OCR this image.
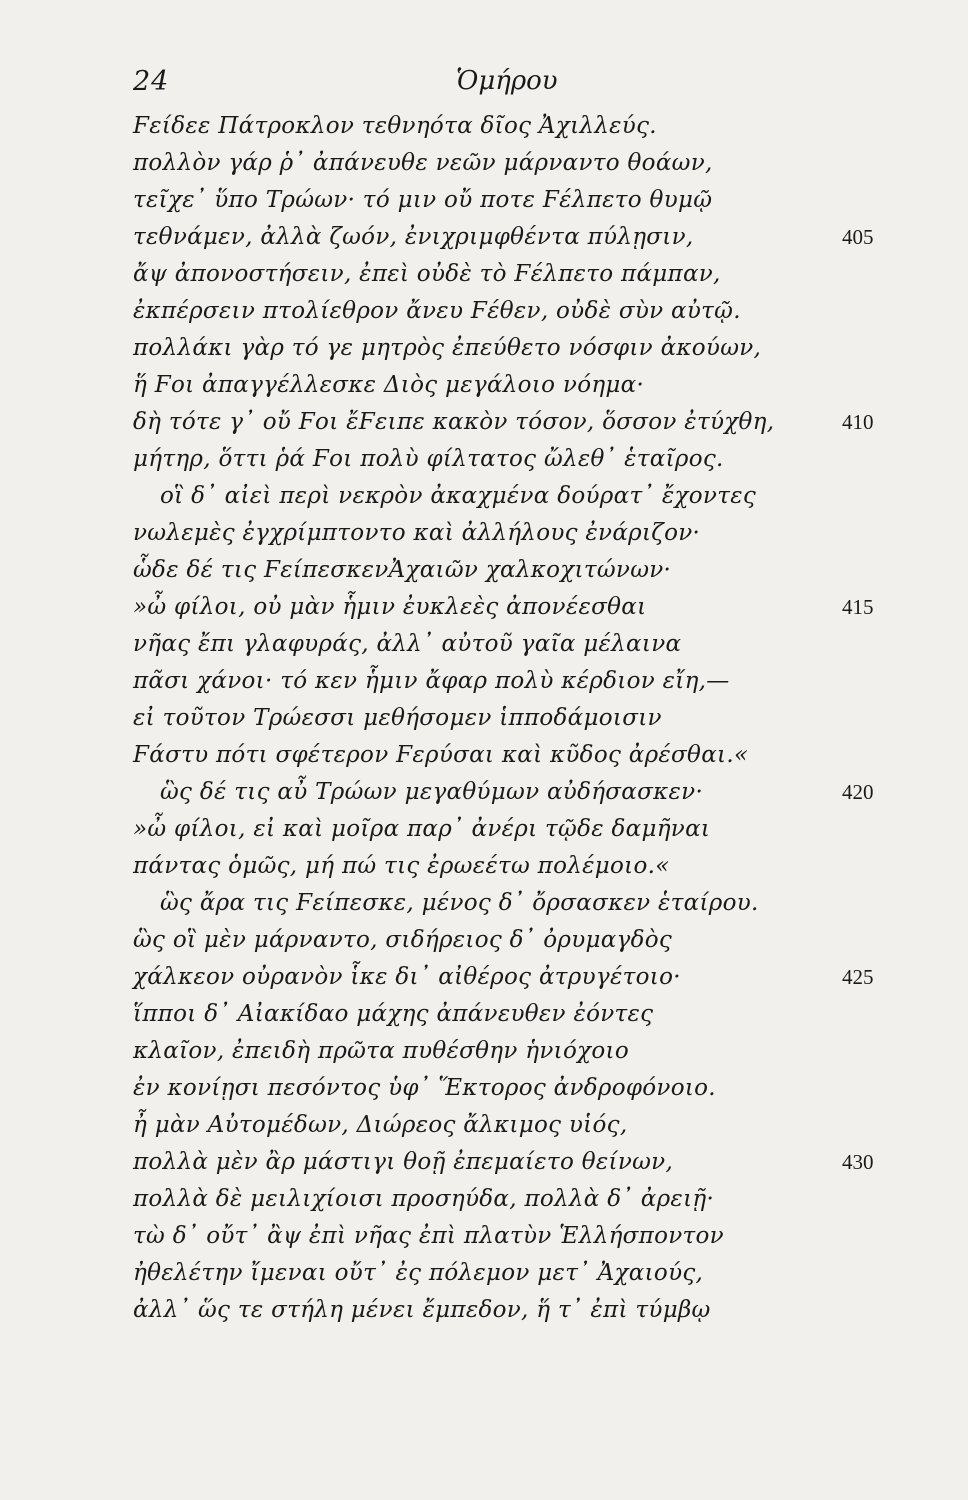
24	Ὁμήρου
Ϝείδεε Πάτροκλον τεθνηότα δῖος Ἀχιλλεύς.
πολλὸν γάρ ῥ᾽ ἀπάνευθε νεῶν μάρναντο θοάων,
τεῖχε᾽ ὕπο Τρώων· τό μιν οὔ ποτε Ϝέλπετο θυμῷ
τεθνάμεν, ἀλλὰ ζωόν, ἐνιχριμφθέντα πύλῃσιν,
ἄψ ἀπονοστήσειν, ἐπεὶ οὐδὲ τὸ Ϝέλπετο πάμπαν,
ἐκπέρσειν πτολίεθρον ἄνευ Ϝέθεν, οὐδὲ σὺν αὐτῷ.
πολλάκι γὰρ τό γε μητρὸς ἐπεύθετο νόσφιν ἀκούων,
ἥ Ϝοι ἀπαγγέλλεσκε Διὸς μεγάλοιο νόημα·
δὴ τότε γ᾽ οὔ Ϝοι ἔϜειπε κακὸν τόσον, ὅσσον ἐτύχθη,
μήτηρ, ὅττι ῥά Ϝοι πολὺ φίλτατος ὤλεθ᾽ ἑταῖρος.
οἳ δ᾽ αἰεὶ περὶ νεκρὸν ἀκαχμένα δούρατ᾽ ἔχοντες
νωλεμὲς ἐγχρίμπτοντο καὶ ἀλλήλους ἐνάριζον·
ὧδε δέ τις ϜείπεσκενἈχαιῶν χαλκοχιτώνων·
»ὦ φίλοι, οὐ μὰν ἧμιν ἐυκλεὲς ἀπονέεσθαι
νῆας ἔπι γλαφυράς, ἀλλ᾽ αὐτοῦ γαῖα μέλαινα
πᾶσι χάνοι· τό κεν ἧμιν ἄφαρ πολὺ κέρδιον εἴη,—
εἰ τοῦτον Τρώεσσι μεθήσομεν ἱπποδάμοισιν
Ϝάστυ πότι σφέτερον Ϝερύσαι καὶ κῦδος ἀρέσθαι.«
ὣς δέ τις αὖ Τρώων μεγαθύμων αὐδήσασκεν·
»ὦ φίλοι, εἰ καὶ μοῖρα παρ᾽ ἀνέρι τῷδε δαμῆναι
πάντας ὁμῶς, μή πώ τις ἐρωεέτω πολέμοιο.«
ὣς ἄρα τις Ϝείπεσκε, μένος δ᾽ ὄρσασκεν ἑταίρου.
ὣς οἳ μὲν μάρναντο, σιδήρειος δ᾽ ὀρυμαγδὸς
χάλκεον οὐρανὸν ἷκε δι᾽ αἰθέρος ἀτρυγέτοιο·
ἵπποι δ᾽ Αἰακίδαο μάχης ἀπάνευθεν ἐόντες
κλαῖον, ἐπειδὴ πρῶτα πυθέσθην ἡνιόχοιο
ἐν κονίῃσι πεσόντος ὑφ᾽ Ἕκτορος ἀνδροφόνοιο.
ἦ μὰν Αὐτομέδων, Διώρεος ἄλκιμος υἱός,
πολλὰ μὲν ἂρ μάστιγι θοῇ ἐπεμαίετο θείνων,
πολλὰ δὲ μειλιχίοισι προσηύδα, πολλὰ δ᾽ ἀρειῇ·
τὼ δ᾽ οὔτ᾽ ἂψ ἐπὶ νῆας ἐπὶ πλατὺν Ἑλλήσποντον
ἠθελέτην ἴμεναι οὔτ᾽ ἐς πόλεμον μετ᾽ Ἀχαιούς,
ἀλλ᾽ ὥς τε στήλη μένει ἔμπεδον, ἥ τ᾽ ἐπὶ τύμβῳ
405
410
415
420
425
430
